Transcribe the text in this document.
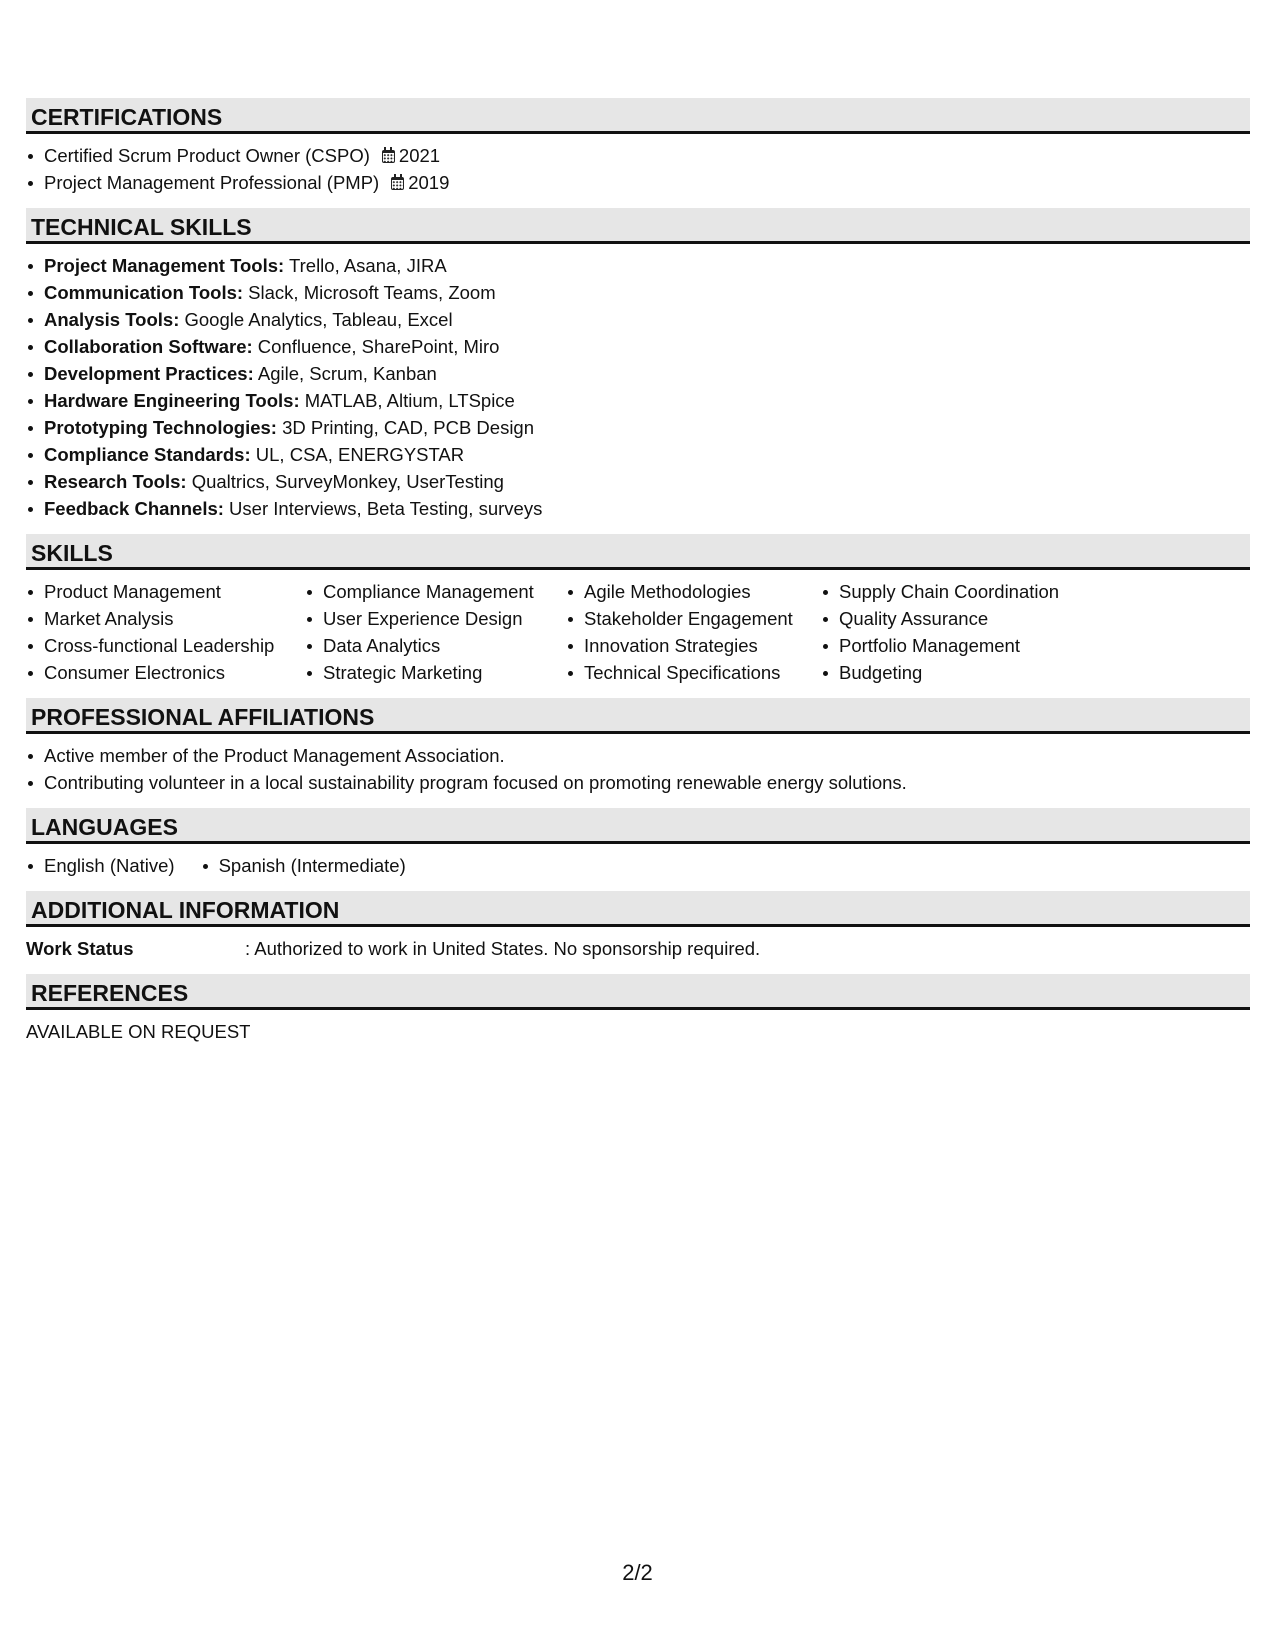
CERTIFICATIONS
Certified Scrum Product Owner (CSPO) 2021
Project Management Professional (PMP) 2019
TECHNICAL SKILLS
Project Management Tools: Trello, Asana, JIRA
Communication Tools: Slack, Microsoft Teams, Zoom
Analysis Tools: Google Analytics, Tableau, Excel
Collaboration Software: Confluence, SharePoint, Miro
Development Practices: Agile, Scrum, Kanban
Hardware Engineering Tools: MATLAB, Altium, LTSpice
Prototyping Technologies: 3D Printing, CAD, PCB Design
Compliance Standards: UL, CSA, ENERGYSTAR
Research Tools: Qualtrics, SurveyMonkey, UserTesting
Feedback Channels: User Interviews, Beta Testing, surveys
SKILLS
Product Management
Market Analysis
Cross-functional Leadership
Consumer Electronics
Compliance Management
User Experience Design
Data Analytics
Strategic Marketing
Agile Methodologies
Stakeholder Engagement
Innovation Strategies
Technical Specifications
Supply Chain Coordination
Quality Assurance
Portfolio Management
Budgeting
PROFESSIONAL AFFILIATIONS
Active member of the Product Management Association.
Contributing volunteer in a local sustainability program focused on promoting renewable energy solutions.
LANGUAGES
English (Native)	Spanish (Intermediate)
ADDITIONAL INFORMATION
Work Status	: Authorized to work in United States. No sponsorship required.
REFERENCES
AVAILABLE ON REQUEST
2/2
